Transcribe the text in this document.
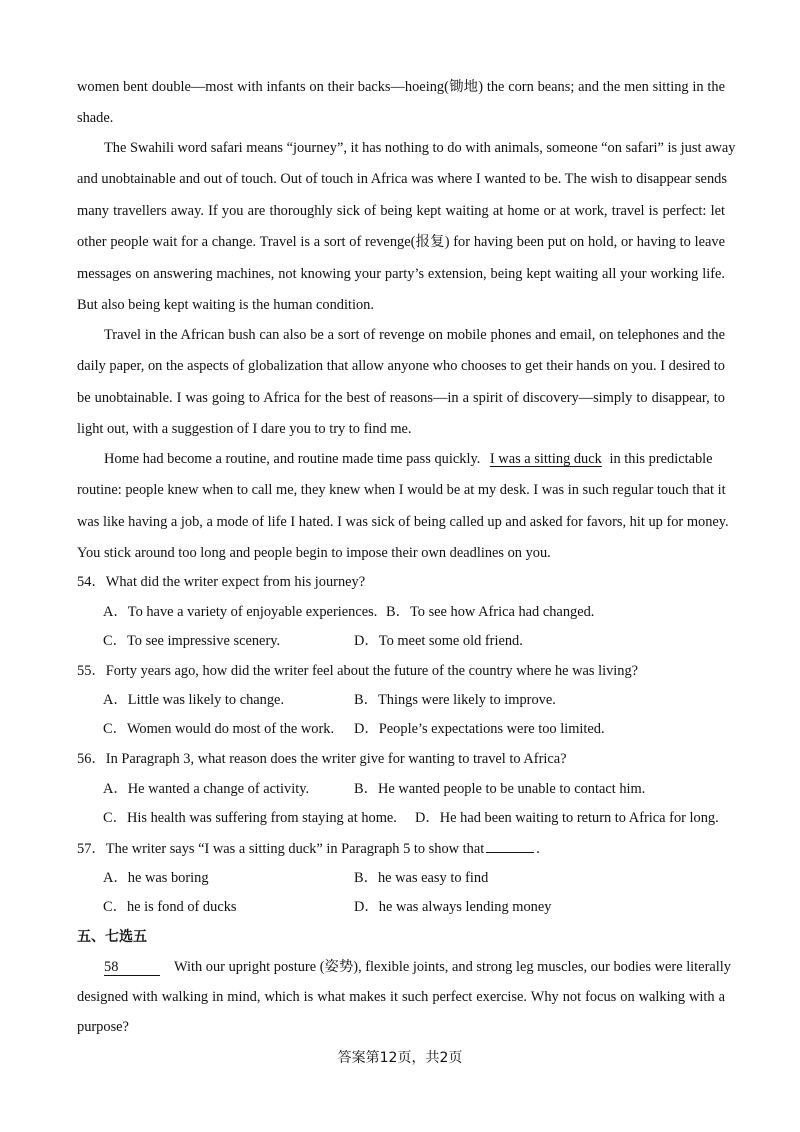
women bent double—most with infants on their backs—hoeing(锄地) the corn beans; and the men sitting in the
shade.
The Swahili word safari means “journey”, it has nothing to do with animals, someone “on safari” is just away
and unobtainable and out of touch. Out of touch in Africa was where I wanted to be. The wish to disappear sends
many travellers away. If you are thoroughly sick of being kept waiting at home or at work, travel is perfect: let
other people wait for a change. Travel is a sort of revenge(报复) for having been put on hold, or having to leave
messages on answering machines, not knowing your party’s extension, being kept waiting all your working life.
But also being kept waiting is the human condition.
Travel in the African bush can also be a sort of revenge on mobile phones and email, on telephones and the
daily paper, on the aspects of globalization that allow anyone who chooses to get their hands on you. I desired to
be unobtainable. I was going to Africa for the best of reasons—in a spirit of discovery—simply to disappear, to
light out, with a suggestion of I dare you to try to find me.
Home had become a routine, and routine made time pass quickly. I was a sitting duck in this predictable
routine: people knew when to call me, they knew when I would be at my desk. I was in such regular touch that it
was like having a job, a mode of life I hated. I was sick of being called up and asked for favors, hit up for money.
You stick around too long and people begin to impose their own deadlines on you.
54．What did the writer expect from his journey?
A．To have a variety of enjoyable experiences. B．To see how Africa had changed.
C．To see impressive scenery.	D．To meet some old friend.
55．Forty years ago, how did the writer feel about the future of the country where he was living?
A．Little was likely to change.	B．Things were likely to improve.
C．Women would do most of the work. D．People’s expectations were too limited.
56．In Paragraph 3, what reason does the writer give for wanting to travel to Africa?
A．He wanted a change of activity.	B．He wanted people to be unable to contact him.
C．His health was suffering from staying at home. D．He had been waiting to return to Africa for long.
57．The writer says “I was a sitting duck” in Paragraph 5 to show that	.
A．he was boring	B．he was easy to find
C．he is fond of ducks	D．he was always lending money
五、七选五
58	With our upright posture (姿势), flexible joints, and strong leg muscles, our bodies were literally
designed with walking in mind, which is what makes it such perfect exercise. Why not focus on walking with a
purpose?
答案第12页，共2页
